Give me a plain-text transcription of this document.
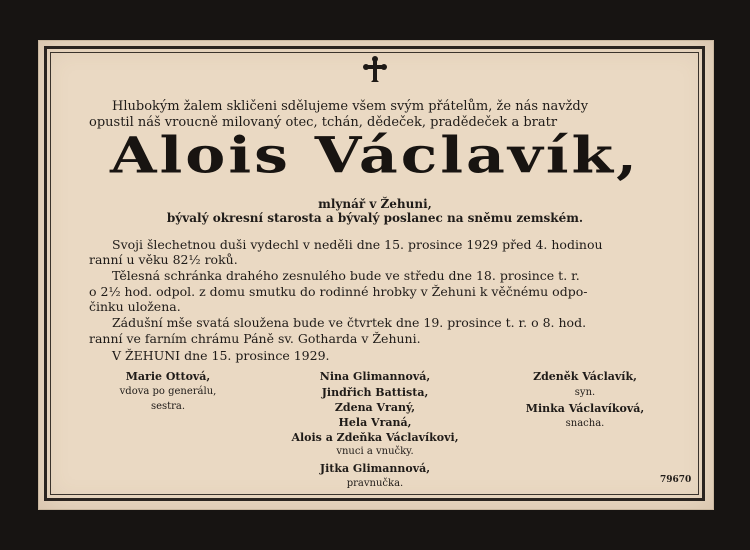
Hlubokým žalem skličeni sdělujeme všem svým přátelům, že nás navždy
opustil náš vroucně milovaný otec, tchán, dědeček, pradědeček a bratr
Alois Václavík,
mlynář v Žehuni,
bývalý okresní starosta a bývalý poslanec na sněmu zemském.
Svoji šlechetnou duši vydechl v neděli dne 15. prosince 1929 před 4. hodinou
ranní u věku 82½ roků.
Tělesná schránka drahého zesnulého bude ve středu dne 18. prosince t. r.
o 2½ hod. odpol. z domu smutku do rodinné hrobky v Žehuni k věčnému odpo-
činku uložena.
Zádušní mše svatá sloužena bude ve čtvrtek dne 19. prosince t. r. o 8. hod.
ranní ve farním chrámu Páně sv. Gotharda v Žehuni.
V ŽEHUNI dne 15. prosince 1929.
Marie Ottová,
vdova po generálu,
sestra.
Nina Glimannová,
Jindřich Battista,
Zdena Vraný,
Hela Vraná,
Alois a Zdeňka Václavíkovi,
vnuci a vnučky.
Jitka Glimannová,
pravnučka.
Zdeněk Václavík,
syn.
Minka Václavíková,
snacha.
79670
